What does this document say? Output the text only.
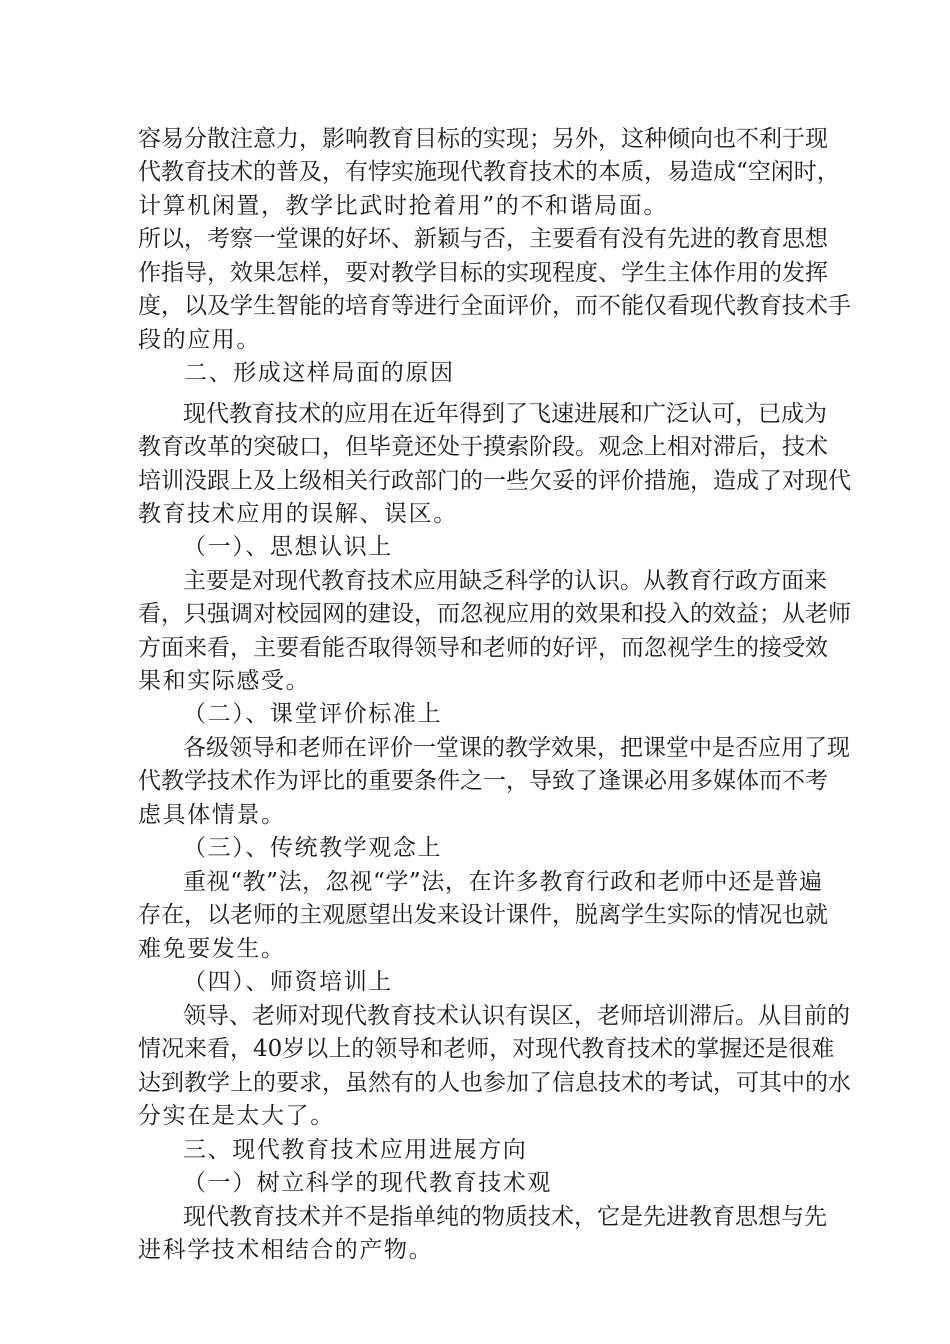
容易分散注意力，影响教育目标的实现；另外，这种倾向也不利于现
代教育技术的普及，有悖实施现代教育技术的本质，易造成“空闲时，
计算机闲置，教学比武时抢着用”的不和谐局面。
所以，考察一堂课的好坏、新颖与否，主要看有没有先进的教育思想
作指导，效果怎样，要对教学目标的实现程度、学生主体作用的发挥
度，以及学生智能的培育等进行全面评价，而不能仅看现代教育技术手
段的应用。
二、形成这样局面的原因
现代教育技术的应用在近年得到了飞速进展和广泛认可，已成为
教育改革的突破口，但毕竟还处于摸索阶段。观念上相对滞后，技术
培训没跟上及上级相关行政部门的一些欠妥的评价措施，造成了对现代
教育技术应用的误解、误区。
（一）、思想认识上
主要是对现代教育技术应用缺乏科学的认识。从教育行政方面来
看，只强调对校园网的建设，而忽视应用的效果和投入的效益；从老师
方面来看，主要看能否取得领导和老师的好评，而忽视学生的接受效
果和实际感受。
（二）、课堂评价标准上
各级领导和老师在评价一堂课的教学效果，把课堂中是否应用了现
代教学技术作为评比的重要条件之一，导致了逢课必用多媒体而不考
虑具体情景。
（三）、传统教学观念上
重视“教”法，忽视“学”法，在许多教育行政和老师中还是普遍
存在，以老师的主观愿望出发来设计课件，脱离学生实际的情况也就
难免要发生。
（四）、师资培训上
领导、老师对现代教育技术认识有误区，老师培训滞后。从目前的
情况来看，40岁以上的领导和老师，对现代教育技术的掌握还是很难
达到教学上的要求，虽然有的人也参加了信息技术的考试，可其中的水
分实在是太大了。
三、现代教育技术应用进展方向
（一）树立科学的现代教育技术观
现代教育技术并不是指单纯的物质技术，它是先进教育思想与先
进科学技术相结合的产物。
